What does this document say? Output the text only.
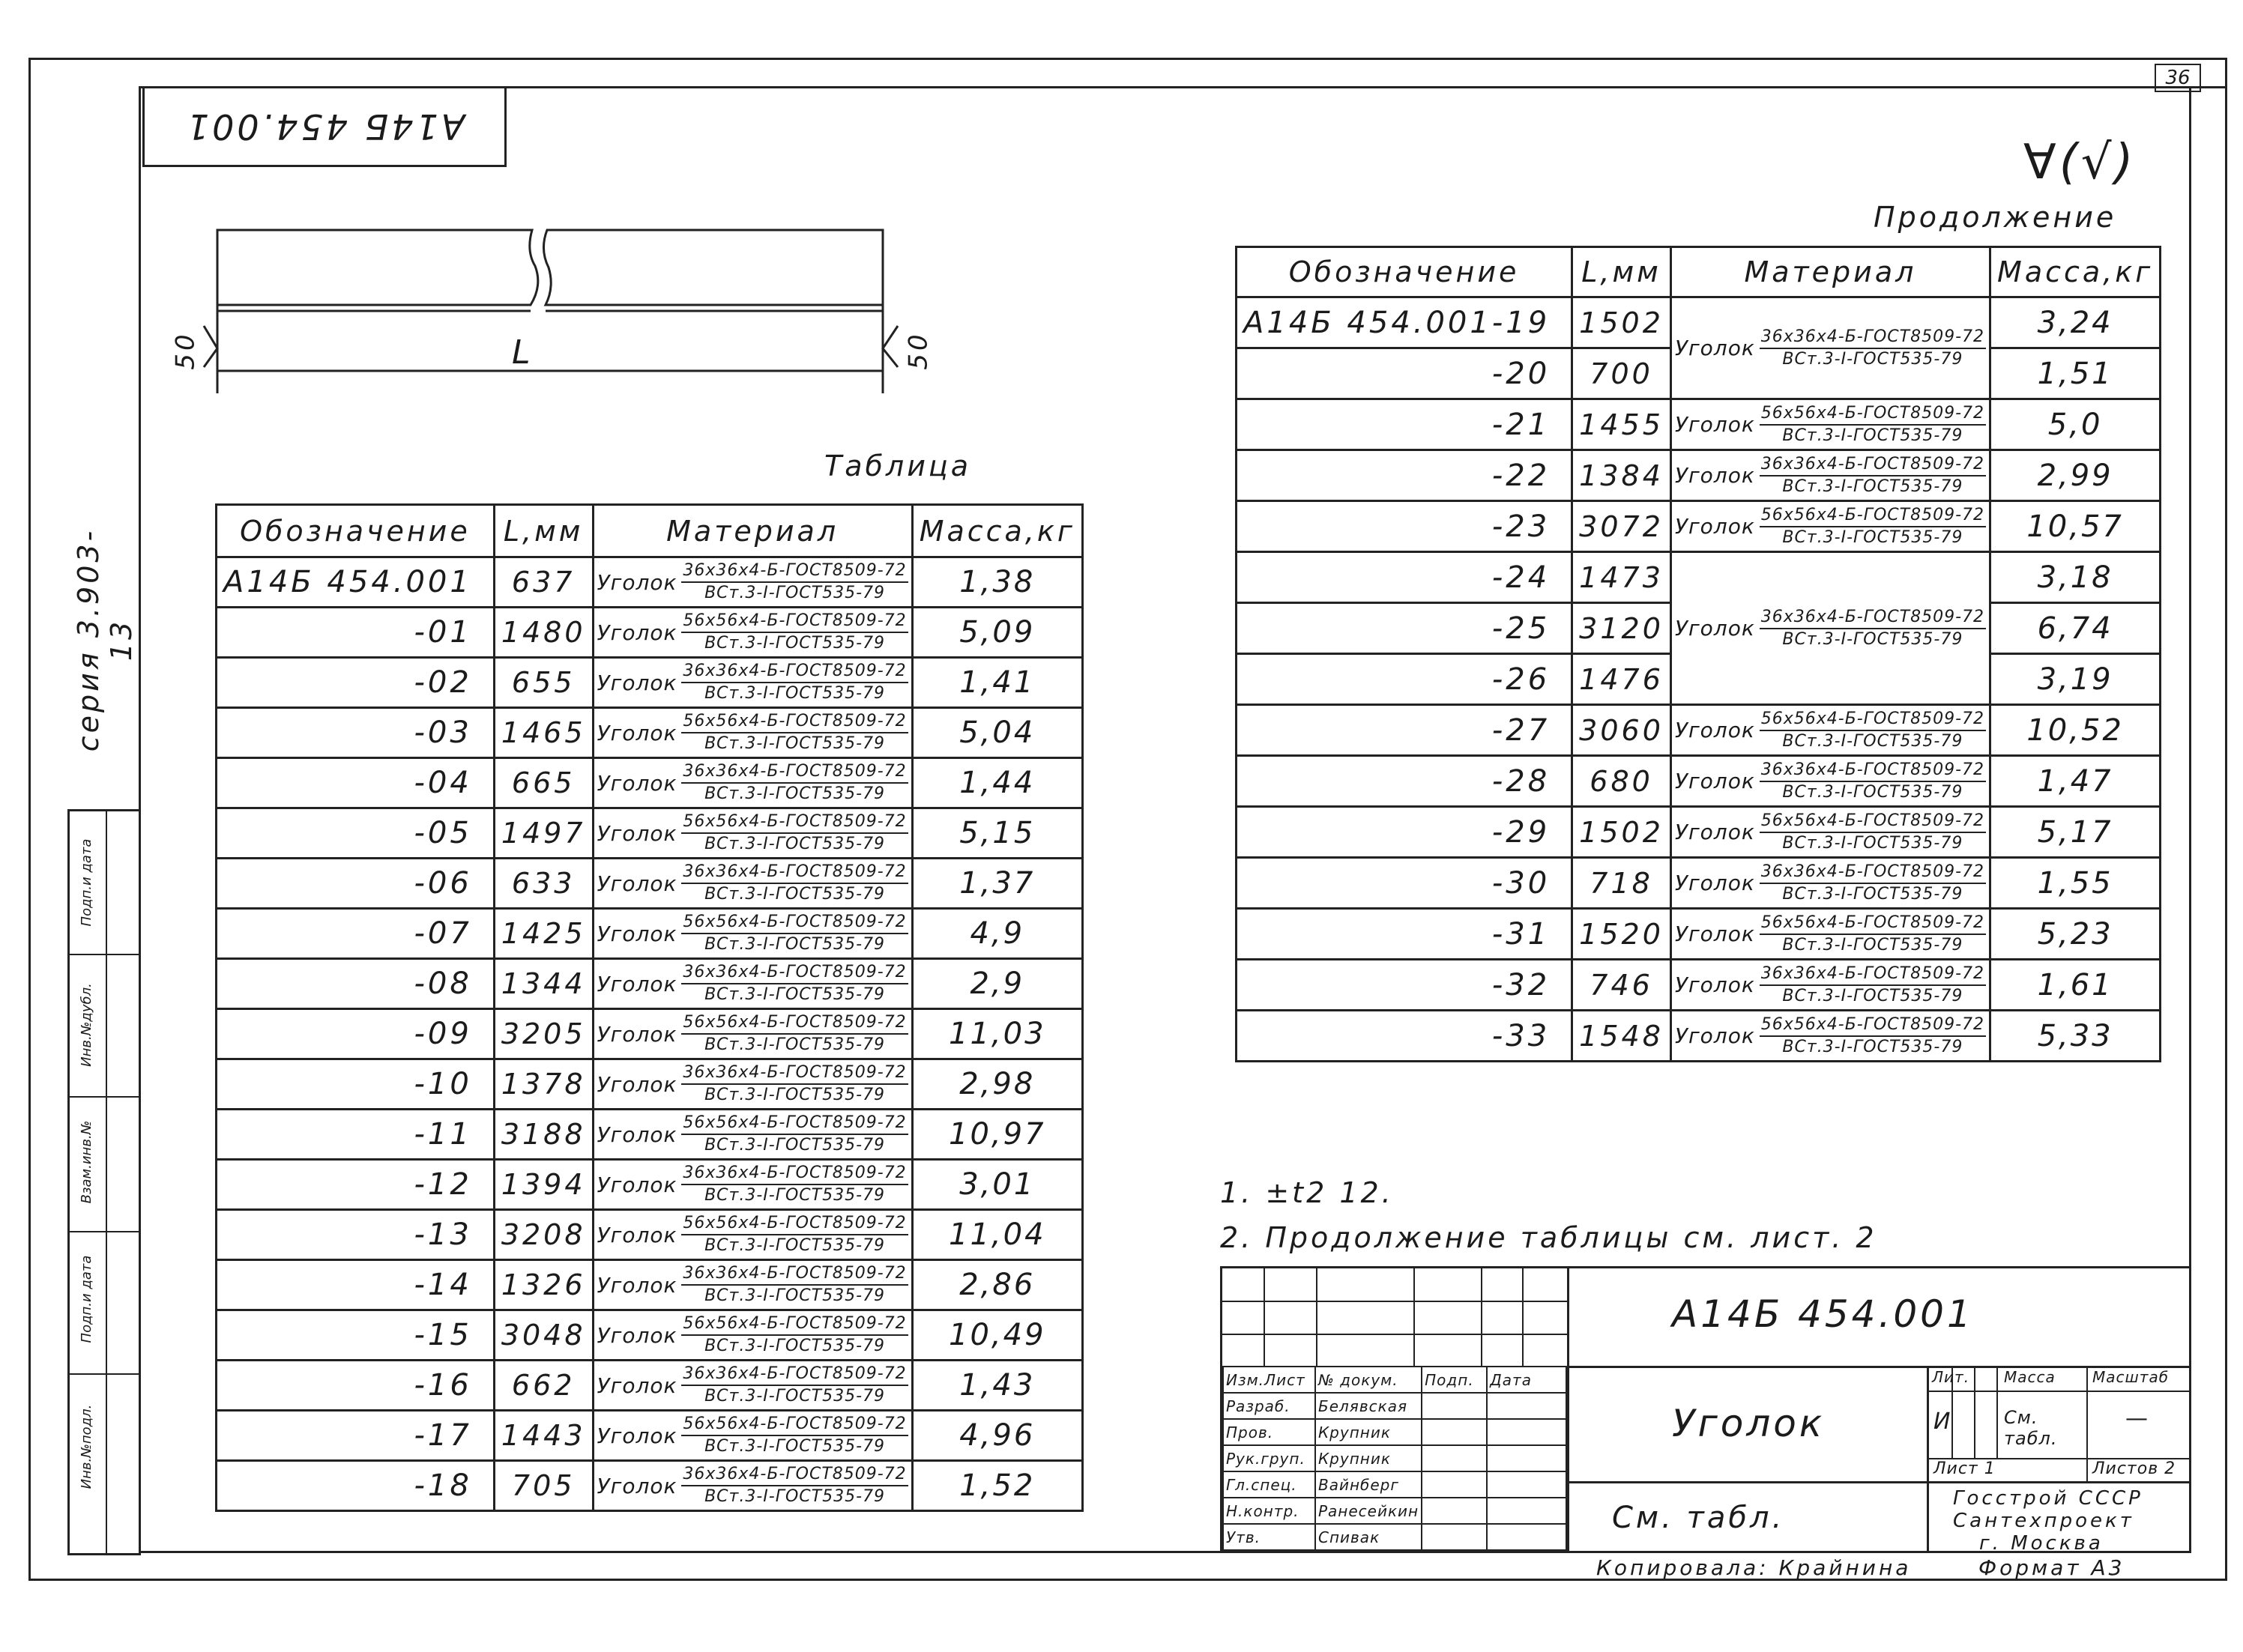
36
А14Б 454.001
∀(√)
серия 3.903-13
Инв.№подл.
Подп.и дата
Взам.инв.№
Инв.№дубл.
Подп.и дата
L
50	50
Таблица
Продолжение
Обозначение	L,мм	Материал	Масса,кг
А14Б 454.001	637	Уголок $\frac{\text{36х36х4-Б-ГОСТ8509-72}}{\text{ВСт.3-I-ГОСТ535-79}}$	1,38
-01	1480	Уголок $\frac{\text{56х56х4-Б-ГОСТ8509-72}}{\text{ВСт.3-I-ГОСТ535-79}}$	5,09
-02	655	Уголок $\frac{\text{36х36х4-Б-ГОСТ8509-72}}{\text{ВСт.3-I-ГОСТ535-79}}$	1,41
-03	1465	Уголок $\frac{\text{56х56х4-Б-ГОСТ8509-72}}{\text{ВСт.3-I-ГОСТ535-79}}$	5,04
-04	665	Уголок $\frac{\text{36х36х4-Б-ГОСТ8509-72}}{\text{ВСт.3-I-ГОСТ535-79}}$	1,44
-05	1497	Уголок $\frac{\text{56х56х4-Б-ГОСТ8509-72}}{\text{ВСт.3-I-ГОСТ535-79}}$	5,15
-06	633	Уголок $\frac{\text{36х36х4-Б-ГОСТ8509-72}}{\text{ВСт.3-I-ГОСТ535-79}}$	1,37
-07	1425	Уголок $\frac{\text{56х56х4-Б-ГОСТ8509-72}}{\text{ВСт.3-I-ГОСТ535-79}}$	4,9
-08	1344	Уголок $\frac{\text{36х36х4-Б-ГОСТ8509-72}}{\text{ВСт.3-I-ГОСТ535-79}}$	2,9
-09	3205	Уголок $\frac{\text{56х56х4-Б-ГОСТ8509-72}}{\text{ВСт.3-I-ГОСТ535-79}}$	11,03
-10	1378	Уголок $\frac{\text{36х36х4-Б-ГОСТ8509-72}}{\text{ВСт.3-I-ГОСТ535-79}}$	2,98
-11	3188	Уголок $\frac{\text{56х56х4-Б-ГОСТ8509-72}}{\text{ВСт.3-I-ГОСТ535-79}}$	10,97
-12	1394	Уголок $\frac{\text{36х36х4-Б-ГОСТ8509-72}}{\text{ВСт.3-I-ГОСТ535-79}}$	3,01
-13	3208	Уголок $\frac{\text{56х56х4-Б-ГОСТ8509-72}}{\text{ВСт.3-I-ГОСТ535-79}}$	11,04
-14	1326	Уголок $\frac{\text{36х36х4-Б-ГОСТ8509-72}}{\text{ВСт.3-I-ГОСТ535-79}}$	2,86
-15	3048	Уголок $\frac{\text{56х56х4-Б-ГОСТ8509-72}}{\text{ВСт.3-I-ГОСТ535-79}}$	10,49
-16	662	Уголок $\frac{\text{36х36х4-Б-ГОСТ8509-72}}{\text{ВСт.3-I-ГОСТ535-79}}$	1,43
-17	1443	Уголок $\frac{\text{56х56х4-Б-ГОСТ8509-72}}{\text{ВСт.3-I-ГОСТ535-79}}$	4,96
-18	705	Уголок $\frac{\text{36х36х4-Б-ГОСТ8509-72}}{\text{ВСт.3-I-ГОСТ535-79}}$	1,52
Обозначение	L,мм	Материал	Масса,кг
А14Б 454.001-19	1502	Уголок $\frac{\text{36х36х4-Б-ГОСТ8509-72}}{\text{ВСт.3-I-ГОСТ535-79}}$	3,24
-20	700		1,51
-21	1455	Уголок $\frac{\text{56х56х4-Б-ГОСТ8509-72}}{\text{ВСт.3-I-ГОСТ535-79}}$	5,0
-22	1384	Уголок $\frac{\text{36х36х4-Б-ГОСТ8509-72}}{\text{ВСт.3-I-ГОСТ535-79}}$	2,99
-23	3072	Уголок $\frac{\text{56х56х4-Б-ГОСТ8509-72}}{\text{ВСт.3-I-ГОСТ535-79}}$	10,57
-24	1473	Уголок $\frac{\text{36х36х4-Б-ГОСТ8509-72}}{\text{ВСт.3-I-ГОСТ535-79}}$	3,18
-25	3120		6,74
-26	1476		3,19
-27	3060	Уголок $\frac{\text{56х56х4-Б-ГОСТ8509-72}}{\text{ВСт.3-I-ГОСТ535-79}}$	10,52
-28	680	Уголок $\frac{\text{36х36х4-Б-ГОСТ8509-72}}{\text{ВСт.3-I-ГОСТ535-79}}$	1,47
-29	1502	Уголок $\frac{\text{56х56х4-Б-ГОСТ8509-72}}{\text{ВСт.3-I-ГОСТ535-79}}$	5,17
-30	718	Уголок $\frac{\text{36х36х4-Б-ГОСТ8509-72}}{\text{ВСт.3-I-ГОСТ535-79}}$	1,55
-31	1520	Уголок $\frac{\text{56х56х4-Б-ГОСТ8509-72}}{\text{ВСт.3-I-ГОСТ535-79}}$	5,23
-32	746	Уголок $\frac{\text{36х36х4-Б-ГОСТ8509-72}}{\text{ВСт.3-I-ГОСТ535-79}}$	1,61
-33	1548	Уголок $\frac{\text{56х56х4-Б-ГОСТ8509-72}}{\text{ВСт.3-I-ГОСТ535-79}}$	5,33
1. ±t2 12.
2. Продолжение таблицы см. лист. 2
Изм.Лист	№ докум.	Подп.	Дата
Разраб.	Белявская		
Пров.	Крупник		
Рук.груп.	Крупник		
Гл.спец.	Вайнберг		
Н.контр.	Ранесейкин		
Утв.	Спивак		
А14Б 454.001
Уголок
См. табл.
Лит. Масса Масштаб
И	См. табл.
—
Лист 1	Листов 2
Госстрой СССР
Сантехпроект
г. Москва
Копировала: Крайнина	Формат А3
